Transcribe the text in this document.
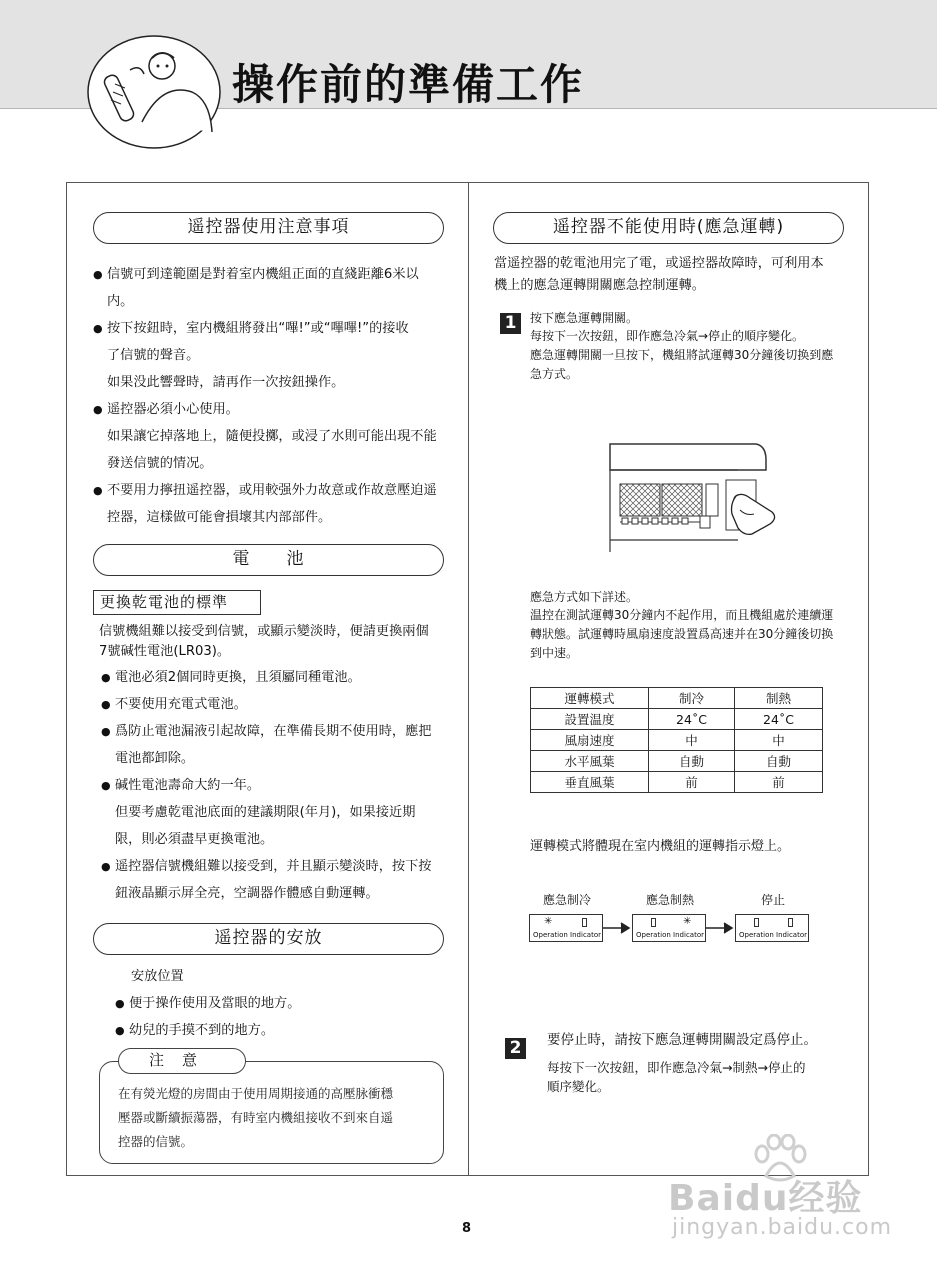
操作前的準備工作
遥控器使用注意事項
● 信號可到達範圍是對着室内機組正面的直綫距離6米以
内。
● 按下按鈕時，室内機組將發出“嗶!”或“嗶嗶!”的接收
了信號的聲音。
如果没此響聲時，請再作一次按鈕操作。
● 遥控器必須小心使用。
如果讓它掉落地上，隨便投擲，或浸了水則可能出現不能
發送信號的情况。
● 不要用力擰扭遥控器，或用較强外力故意或作故意壓迫遥
控器，這樣做可能會損壞其内部部件。
電　　池
更換乾電池的標準
信號機組難以接受到信號，或顯示變淡時，便請更換兩個
7號碱性電池(LR03)。
● 電池必須2個同時更換，且須屬同種電池。
● 不要使用充電式電池。
● 爲防止電池漏液引起故障，在準備長期不使用時，應把
電池都卸除。
● 碱性電池壽命大約一年。
但要考慮乾電池底面的建議期限(年月)，如果接近期
限，則必須盡早更換電池。
● 遥控器信號機組難以接受到，并且顯示變淡時，按下按
鈕液晶顯示屏全亮，空調器作體感自動運轉。
遥控器的安放
安放位置
● 便于操作使用及當眼的地方。
● 幼兒的手摸不到的地方。
注意
在有熒光燈的房間由于使用周期接通的高壓脉衝穩
壓器或斷續振蕩器，有時室内機組接收不到來自遥
控器的信號。
遥控器不能使用時(應急運轉)
當遥控器的乾電池用完了電，或遥控器故障時，可利用本
機上的應急運轉開關應急控制運轉。
1	按下應急運轉開關。
每按下一次按鈕，即作應急冷氣→停止的順序變化。
應急運轉開關一旦按下，機組將試運轉30分鐘後切换到應
急方式。
應急方式如下詳述。
温控在測試運轉30分鐘内不起作用，而且機組處於連續運
轉狀態。試運轉時風扇速度設置爲高速并在30分鐘後切换
到中速。
運轉模式	制冷	制熱
設置温度	24˚C	24˚C
風扇速度	中	中
水平風葉	自動	自動
垂直風葉	前	前
運轉模式將體現在室内機組的運轉指示燈上。
應急制冷	應急制熱	停止
✳
Operation Indicator
✳
Operation Indicator	Operation Indicator
2	要停止時，請按下應急運轉開關設定爲停止。
每按下一次按鈕，即作應急冷氣→制熱→停止的
順序變化。
8
Baidu经验
jingyan.baidu.com
